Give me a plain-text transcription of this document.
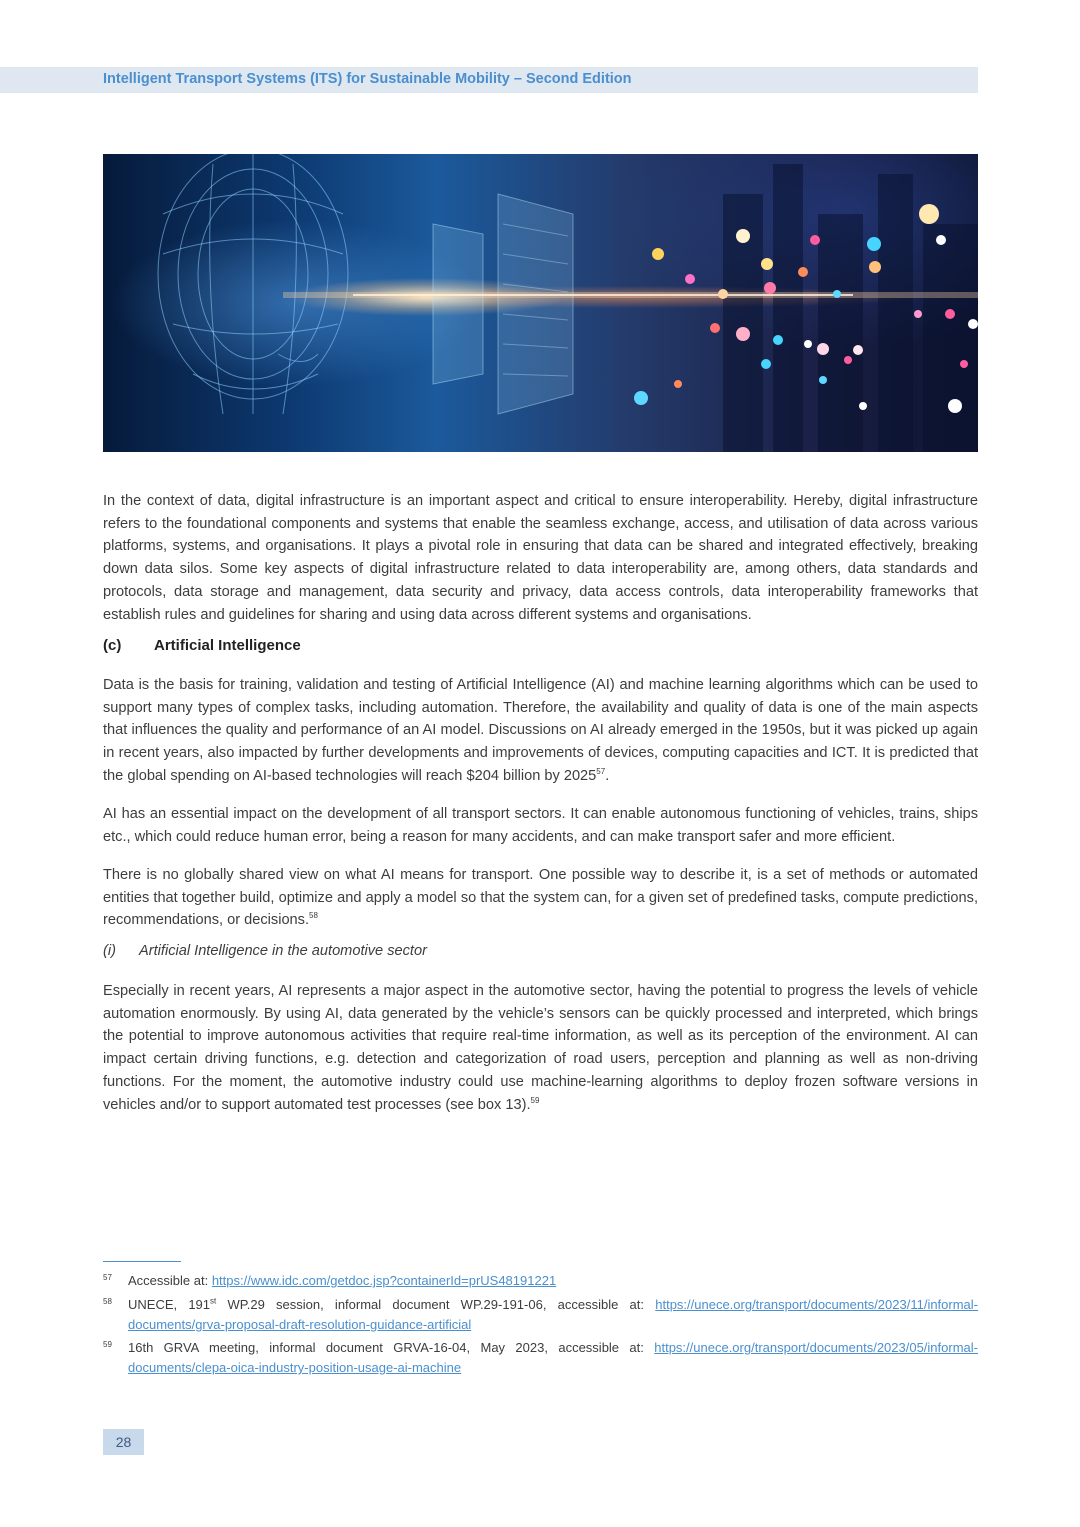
Intelligent Transport Systems (ITS) for Sustainable Mobility – Second Edition

In the context of data, digital infrastructure is an important aspect and critical to ensure interoperability. Hereby, digital infrastructure refers to the foundational components and systems that enable the seamless exchange, access, and utilisation of data across various platforms, systems, and organisations. It plays a pivotal role in ensuring that data can be shared and integrated effectively, breaking down data silos. Some key aspects of digital infrastructure related to data interoperability are, among others, data standards and protocols, data storage and management, data security and privacy, data access controls, data interoperability frameworks that establish rules and guidelines for sharing and using data across different systems and organisations.

(c) Artificial Intelligence

Data is the basis for training, validation and testing of Artificial Intelligence (AI) and machine learning algorithms which can be used to support many types of complex tasks, including automation. Therefore, the availability and quality of data is one of the main aspects that influences the quality and performance of an AI model. Discussions on AI already emerged in the 1950s, but it was picked up again in recent years, also impacted by further developments and improvements of devices, computing capacities and ICT. It is predicted that the global spending on AI-based technologies will reach $204 billion by 2025$^{57}$.

AI has an essential impact on the development of all transport sectors. It can enable autonomous functioning of vehicles, trains, ships etc., which could reduce human error, being a reason for many accidents, and can make transport safer and more efficient.

There is no globally shared view on what AI means for transport. One possible way to describe it, is a set of methods or automated entities that together build, optimize and apply a model so that the system can, for a given set of predefined tasks, compute predictions, recommendations, or decisions.$^{58}$

(i) Artificial Intelligence in the automotive sector

Especially in recent years, AI represents a major aspect in the automotive sector, having the potential to progress the levels of vehicle automation enormously. By using AI, data generated by the vehicle’s sensors can be quickly processed and interpreted, which brings the potential to improve autonomous activities that require real-time information, as well as its perception of the environment. AI can impact certain driving functions, e.g. detection and categorization of road users, perception and planning as well as non-driving functions. For the moment, the automotive industry could use machine-learning algorithms to deploy frozen software versions in vehicles and/or to support automated test processes (see box 13).$^{59}$

57 Accessible at: https://www.idc.com/getdoc.jsp?containerId=prUS48191221
58 UNECE, 191st WP.29 session, informal document WP.29-191-06, accessible at: https://unece.org/transport/documents/2023/11/informal-documents/grva-proposal-draft-resolution-guidance-artificial
59 16th GRVA meeting, informal document GRVA-16-04, May 2023, accessible at: https://unece.org/transport/documents/2023/05/informal-documents/clepa-oica-industry-position-usage-ai-machine
28
